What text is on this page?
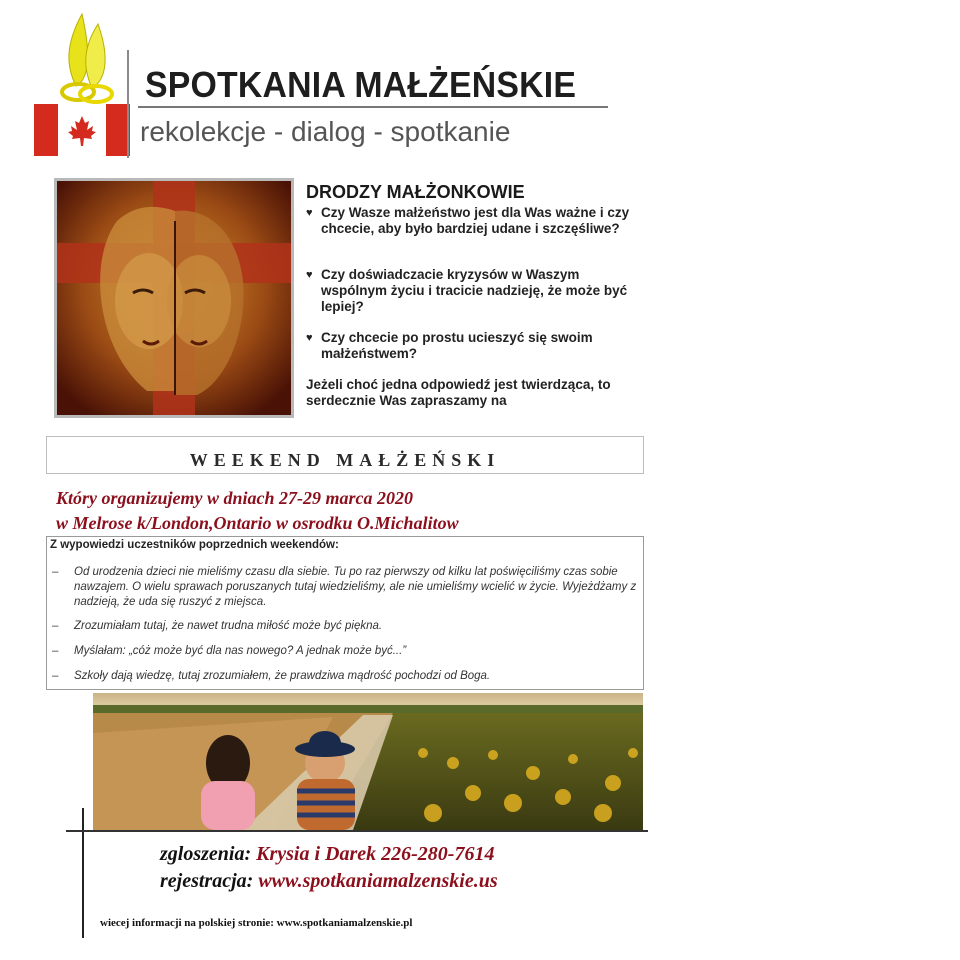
SPOTKANIA MAŁŻEŃSKIE
rekolekcje - dialog - spotkanie
DRODZY MAŁŻONKOWIE
♥ Czy Wasze małżeństwo jest dla Was ważne i czy chcecie, aby było bardziej udane i szczęśliwe?
♥ Czy doświadczacie kryzysów w Waszym wspólnym życiu i tracicie nadzieję, że może być lepiej?
♥ Czy chcecie po prostu ucieszyć się swoim małżeństwem?
Jeżeli choć jedna odpowiedź jest twierdząca, to serdecznie Was zapraszamy na
WEEKEND MAŁŻEŃSKI
Który organizujemy w dniach 27-29 marca 2020
w Melrose k/London,Ontario w osrodku O.Michalitow
Z wypowiedzi uczestników poprzednich weekendów:
–	Od urodzenia dzieci nie mieliśmy czasu dla siebie. Tu po raz pierwszy od kilku lat poświęciliśmy czas sobie nawzajem. O wielu sprawach poruszanych tutaj wiedzieliśmy, ale nie umieliśmy wcielić w życie. Wyjeżdżamy z nadzieją, że uda się ruszyć z miejsca.
–	Zrozumiałam tutaj, że nawet trudna miłość może być piękna.
–	Myślałam: „cóż może być dla nas nowego? A jednak może być...”
–	Szkoły dają wiedzę, tutaj zrozumiałem, że prawdziwa mądrość pochodzi od Boga.
zgloszenia: Krysia i Darek 226-280-7614
rejestracja: www.spotkaniamalzenskie.us
wiecej informacji na polskiej stronie: www.spotkaniamalzenskie.pl
